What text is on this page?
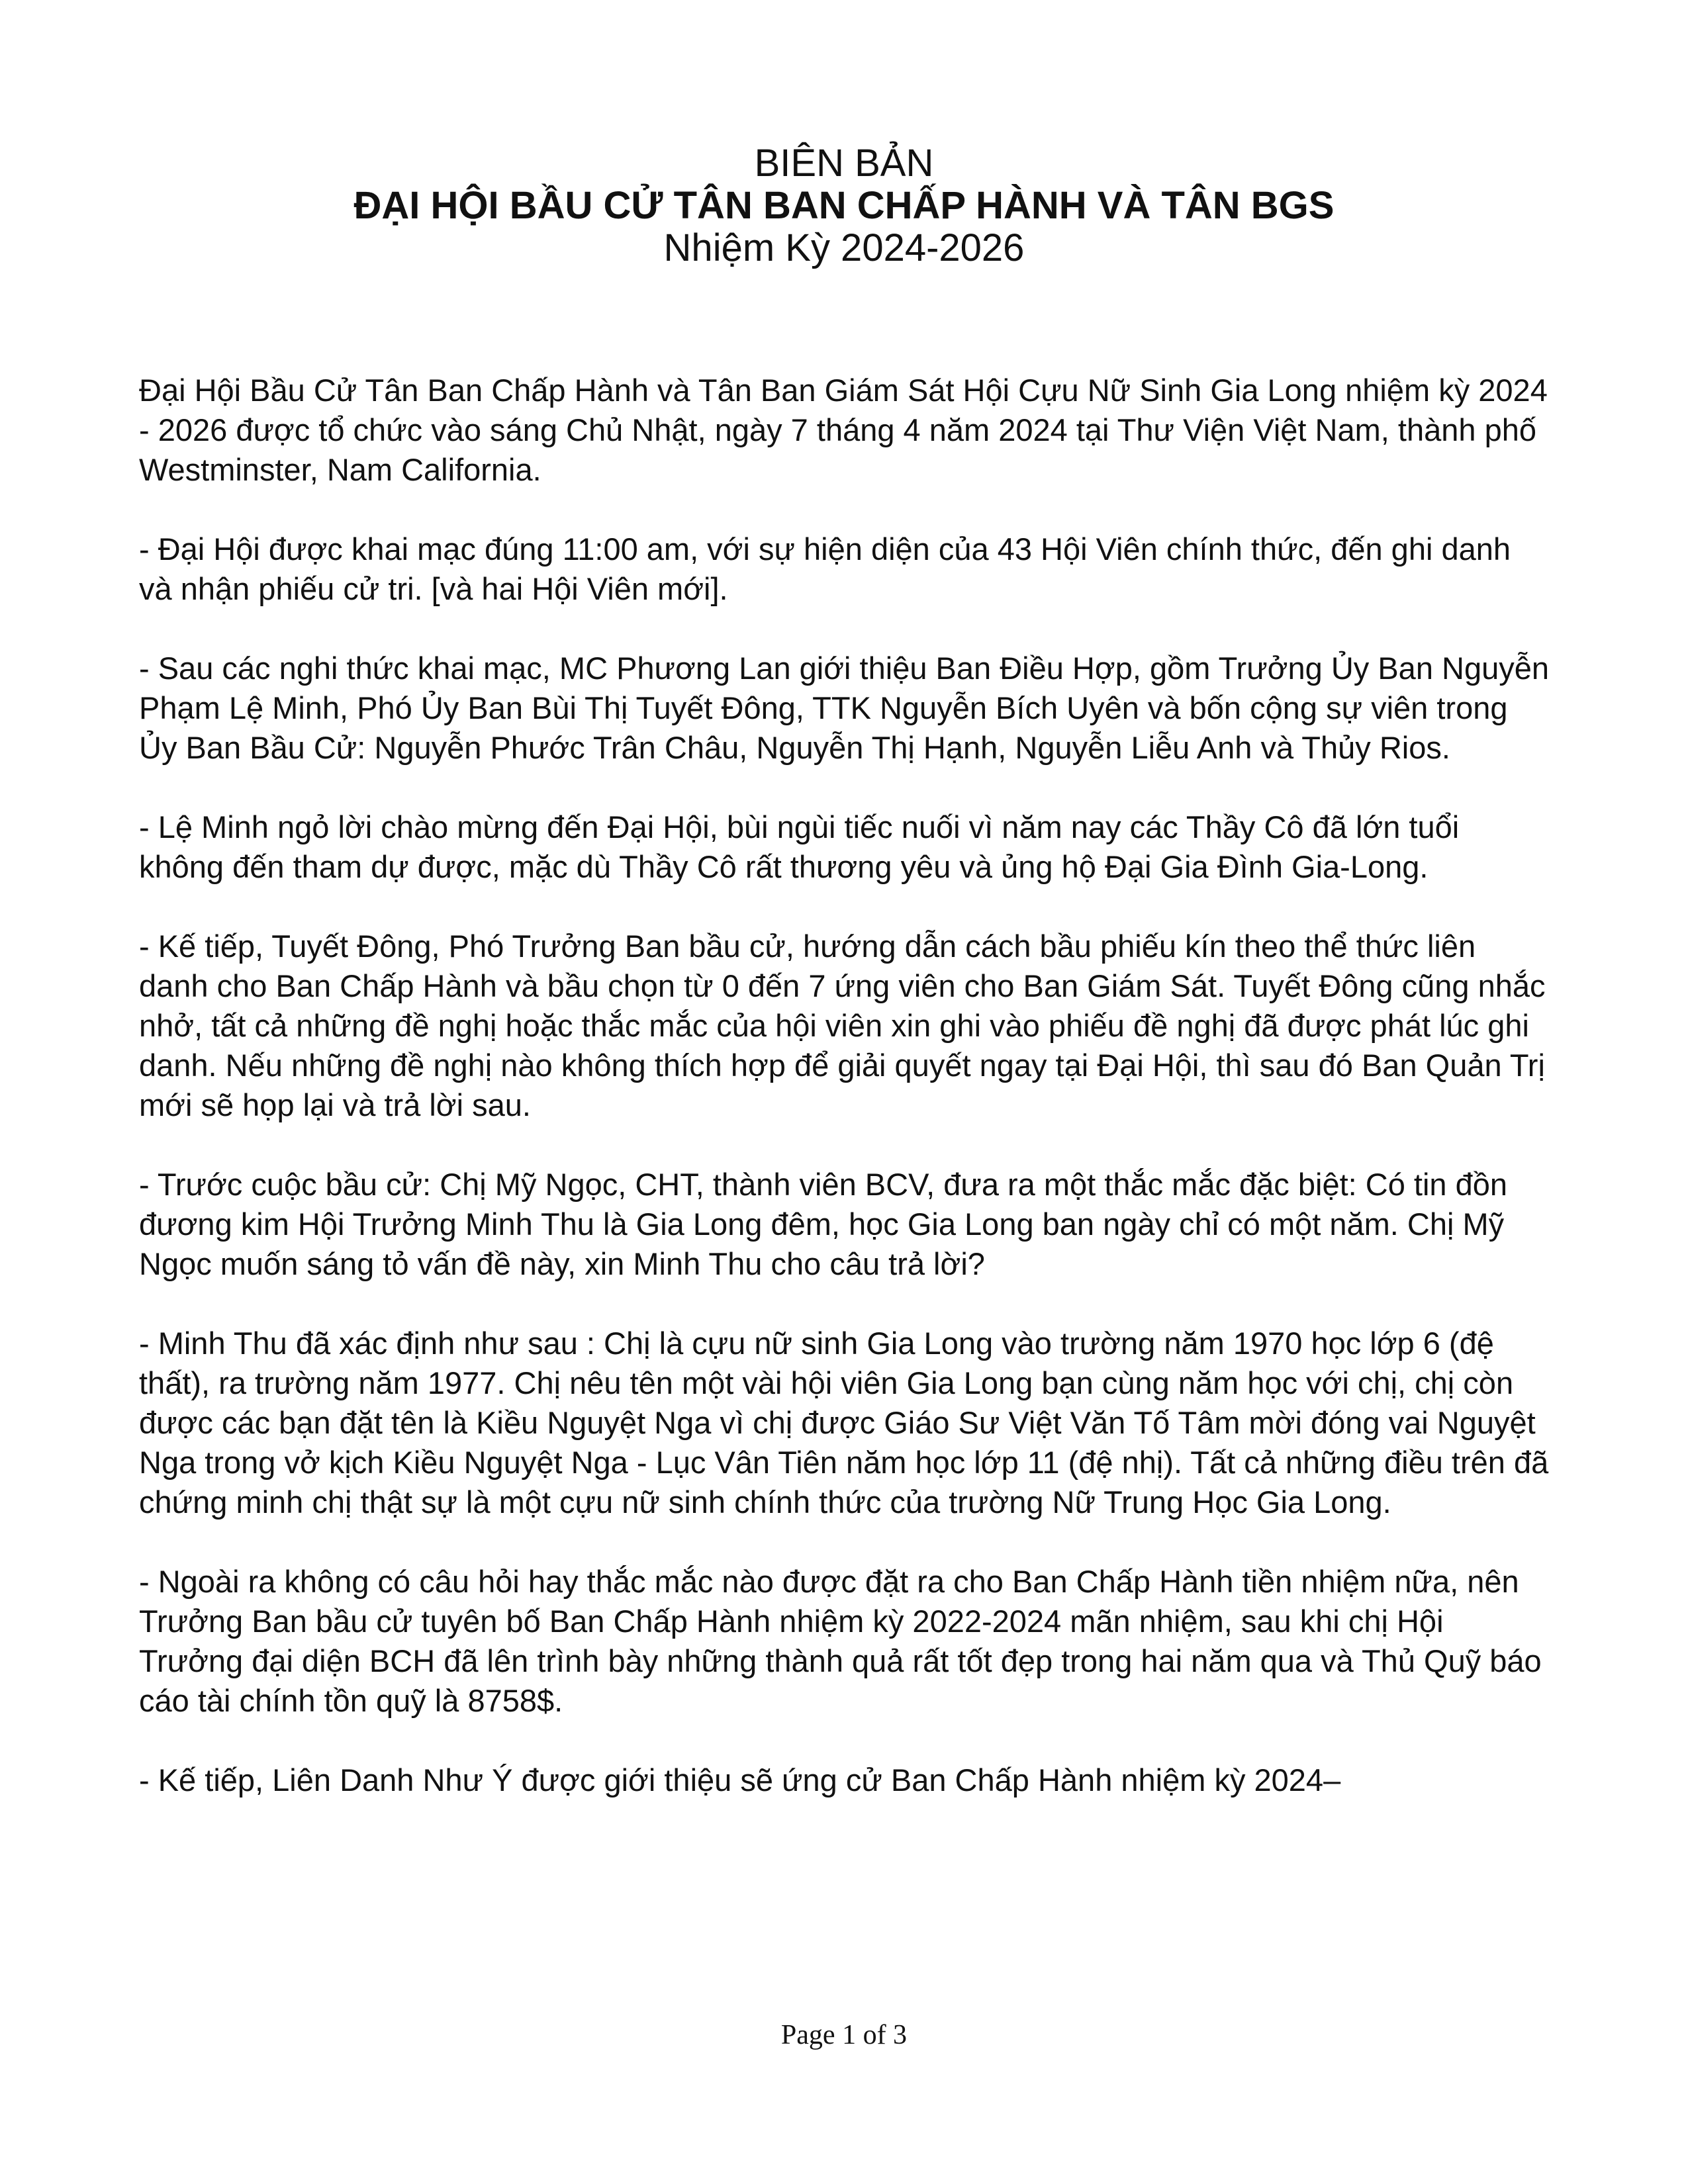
BIÊN BẢN

ĐẠI HỘI BẦU CỬ TÂN BAN CHẤP HÀNH VÀ TÂN BGS

Nhiệm Kỳ 2024-2026

Đại Hội Bầu Cử Tân Ban Chấp Hành và Tân Ban Giám Sát Hội Cựu Nữ Sinh Gia Long nhiệm kỳ 2024 - 2026 được tổ chức vào sáng Chủ Nhật, ngày 7 tháng 4 năm 2024 tại Thư Viện Việt Nam, thành phố Westminster, Nam California.

- Đại Hội được khai mạc đúng 11:00 am, với sự hiện diện của 43 Hội Viên chính thức, đến ghi danh và nhận phiếu cử tri. [và hai Hội Viên mới].

- Sau các nghi thức khai mạc, MC Phương Lan giới thiệu Ban Điều Hợp, gồm Trưởng Ủy Ban Nguyễn Phạm Lệ Minh, Phó Ủy Ban Bùi Thị Tuyết Đông, TTK Nguyễn Bích Uyên và bốn cộng sự viên trong Ủy Ban Bầu Cử: Nguyễn Phước Trân Châu, Nguyễn Thị Hạnh, Nguyễn Liễu Anh và Thủy Rios.

- Lệ Minh ngỏ lời chào mừng đến Đại Hội, bùi ngùi tiếc nuối vì năm nay các Thầy Cô đã lớn tuổi không đến tham dự được, mặc dù Thầy Cô rất thương yêu và ủng hộ Đại Gia Đình Gia-Long.

- Kế tiếp, Tuyết Đông, Phó Trưởng Ban bầu cử, hướng dẫn cách bầu phiếu kín theo thể thức liên danh cho Ban Chấp Hành và bầu chọn từ 0 đến 7 ứng viên cho Ban Giám Sát. Tuyết Đông cũng nhắc nhở, tất cả những đề nghị hoặc thắc mắc của hội viên xin ghi vào phiếu đề nghị đã được phát lúc ghi danh. Nếu những đề nghị nào không thích hợp để giải quyết ngay tại Đại Hội, thì sau đó Ban Quản Trị mới sẽ họp lại và trả lời sau.

- Trước cuộc bầu cử: Chị Mỹ Ngọc, CHT, thành viên BCV, đưa ra một thắc mắc đặc biệt: Có tin đồn đương kim Hội Trưởng Minh Thu là Gia Long đêm, học Gia Long ban ngày chỉ có một năm. Chị Mỹ Ngọc muốn sáng tỏ vấn đề này, xin Minh Thu cho câu trả lời?

- Minh Thu đã xác định như sau : Chị là cựu nữ sinh Gia Long vào trường năm 1970 học lớp 6 (đệ thất), ra trường năm 1977. Chị nêu tên một vài hội viên Gia Long bạn cùng năm học với chị, chị còn được các bạn đặt tên là Kiều Nguyệt Nga vì chị được Giáo Sư Việt Văn Tố Tâm mời đóng vai Nguyệt Nga trong vở kịch Kiều Nguyệt Nga - Lục Vân Tiên năm học lớp 11 (đệ nhị). Tất cả những điều trên đã chứng minh chị thật sự là một cựu nữ sinh chính thức của trường Nữ Trung Học Gia Long.

- Ngoài ra không có câu hỏi hay thắc mắc nào được đặt ra cho Ban Chấp Hành tiền nhiệm nữa, nên Trưởng Ban bầu cử tuyên bố Ban Chấp Hành nhiệm kỳ 2022-2024 mãn nhiệm, sau khi chị Hội Trưởng đại diện BCH đã lên trình bày những thành quả rất tốt đẹp trong hai năm qua và Thủ Quỹ báo cáo tài chính tồn quỹ là 8758$.

- Kế tiếp, Liên Danh Như Ý được giới thiệu sẽ ứng cử Ban Chấp Hành nhiệm kỳ 2024–

Page 1 of 3
